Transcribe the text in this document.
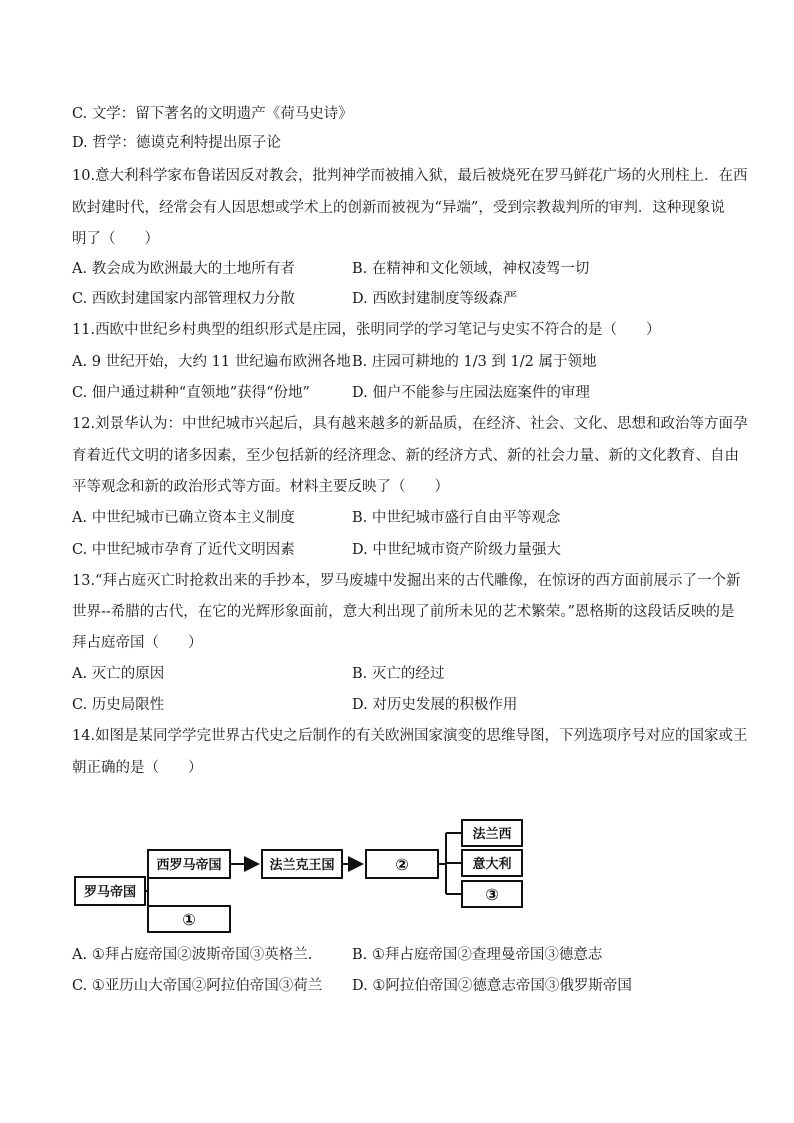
C. 文学：留下著名的文明遗产《荷马史诗》
D. 哲学：德谟克利特提出原子论
10.意大利科学家布鲁诺因反对教会，批判神学而被捕入狱，最后被烧死在罗马鲜花广场的火刑柱上．在西
欧封建时代，经常会有人因思想或学术上的创新而被视为“异端”，受到宗教裁判所的审判．这种现象说
明了（　　）
A. 教会成为欧洲最大的土地所有者	B. 在精神和文化领域，神权凌驾一切
C. 西欧封建国家内部管理权力分散	D. 西欧封建制度等级森严
11.西欧中世纪乡村典型的组织形式是庄园，张明同学的学习笔记与史实不符合的是（　　）
A. 9 世纪开始，大约 11 世纪遍布欧洲各地 B. 庄园可耕地的 1/3 到 1/2 属于领地
C. 佃户通过耕种“直领地”获得“份地”	D. 佃户不能参与庄园法庭案件的审理
12.刘景华认为：中世纪城市兴起后，具有越来越多的新品质，在经济、社会、文化、思想和政治等方面孕
育着近代文明的诸多因素，至少包括新的经济理念、新的经济方式、新的社会力量、新的文化教育、自由
平等观念和新的政治形式等方面。材料主要反映了（　　）
A. 中世纪城市已确立资本主义制度	B. 中世纪城市盛行自由平等观念
C. 中世纪城市孕育了近代文明因素	D. 中世纪城市资产阶级力量强大
13.“拜占庭灭亡时抢救出来的手抄本，罗马废墟中发掘出来的古代雕像，在惊讶的西方面前展示了一个新
世界--希腊的古代，在它的光辉形象面前，意大利出现了前所未见的艺术繁荣。”恩格斯的这段话反映的是
拜占庭帝国（　　）
A. 灭亡的原因	B. 灭亡的经过
C. 历史局限性	D. 对历史发展的积极作用
14.如图是某同学学完世界古代史之后制作的有关欧洲国家演变的思维导图，下列选项序号对应的国家或王
朝正确的是（　　）
罗马帝国
西罗马帝国	法兰克王国	②
①
法兰西
意大利
③
A. ①拜占庭帝国②波斯帝国③英格兰.	B. ①拜占庭帝国②查理曼帝国③德意志
C. ①亚历山大帝国②阿拉伯帝国③荷兰 D. ①阿拉伯帝国②德意志帝国③俄罗斯帝国
